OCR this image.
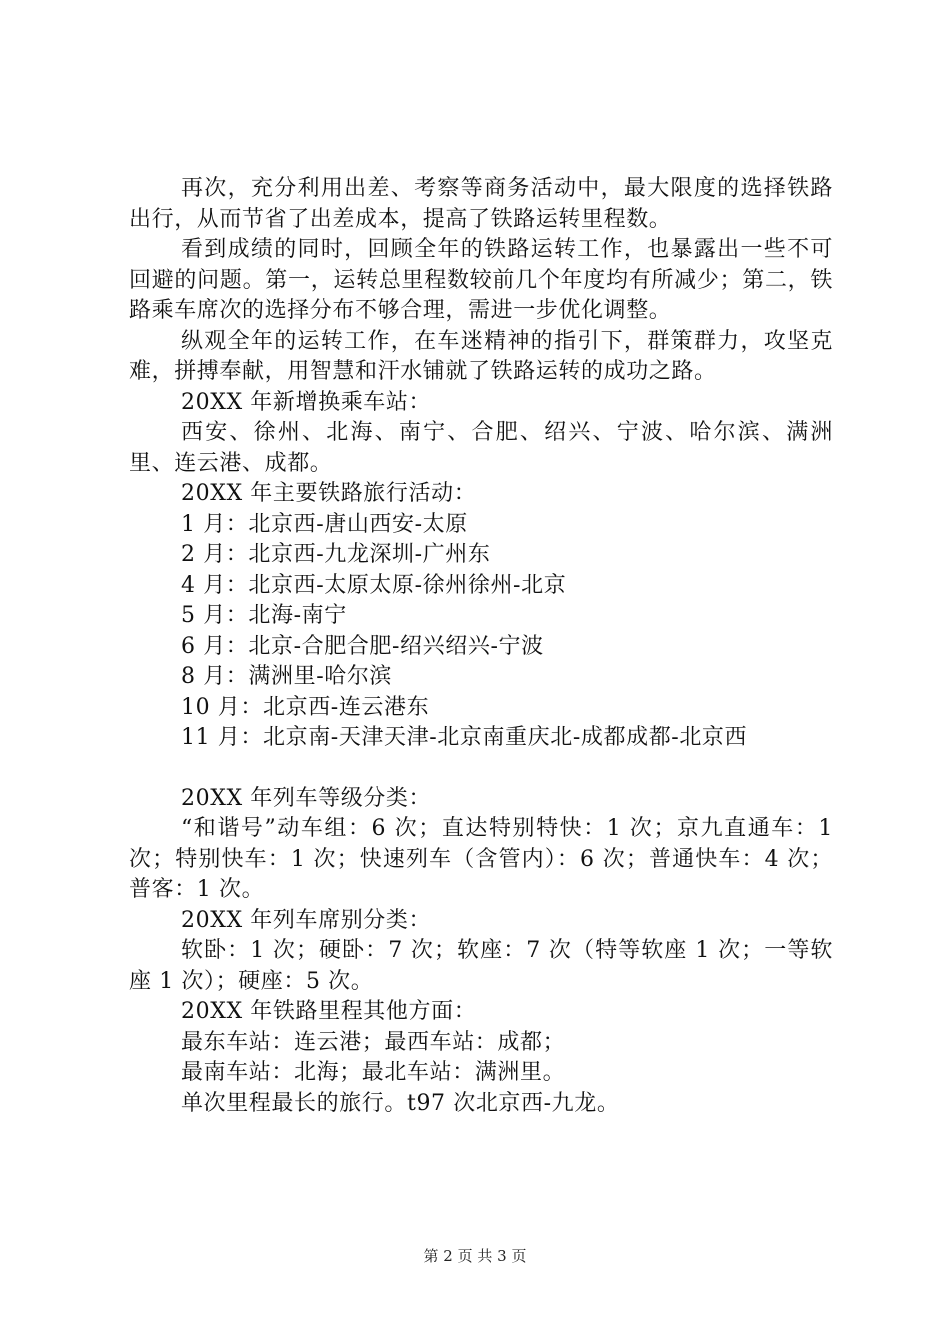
再次，充分利用出差、考察等商务活动中，最大限度的选择铁路出行，从而节省了出差成本，提高了铁路运转里程数。

看到成绩的同时，回顾全年的铁路运转工作，也暴露出一些不可回避的问题。第一，运转总里程数较前几个年度均有所减少；第二，铁路乘车席次的选择分布不够合理，需进一步优化调整。

纵观全年的运转工作，在车迷精神的指引下，群策群力，攻坚克难，拼搏奉献，用智慧和汗水铺就了铁路运转的成功之路。

20XX 年新增换乘车站：

西安、徐州、北海、南宁、合肥、绍兴、宁波、哈尔滨、满洲里、连云港、成都。

20XX 年主要铁路旅行活动：

1 月：北京西-唐山西安-太原

2 月：北京西-九龙深圳-广州东

4 月：北京西-太原太原-徐州徐州-北京

5 月：北海-南宁

6 月：北京-合肥合肥-绍兴绍兴-宁波

8 月：满洲里-哈尔滨

10 月：北京西-连云港东

11 月：北京南-天津天津-北京南重庆北-成都成都-北京西

20XX 年列车等级分类：

“和谐号”动车组：6 次；直达特别特快：1 次；京九直通车：1 次；特别快车：1 次；快速列车（含管内）：6 次；普通快车：4 次；普客：1 次。

20XX 年列车席别分类：

软卧：1 次；硬卧：7 次；软座：7 次（特等软座 1 次；一等软座 1 次）；硬座：5 次。

20XX 年铁路里程其他方面：

最东车站：连云港；最西车站：成都；

最南车站：北海；最北车站：满洲里。

单次里程最长的旅行。t97 次北京西-九龙。

第 2 页 共 3 页
